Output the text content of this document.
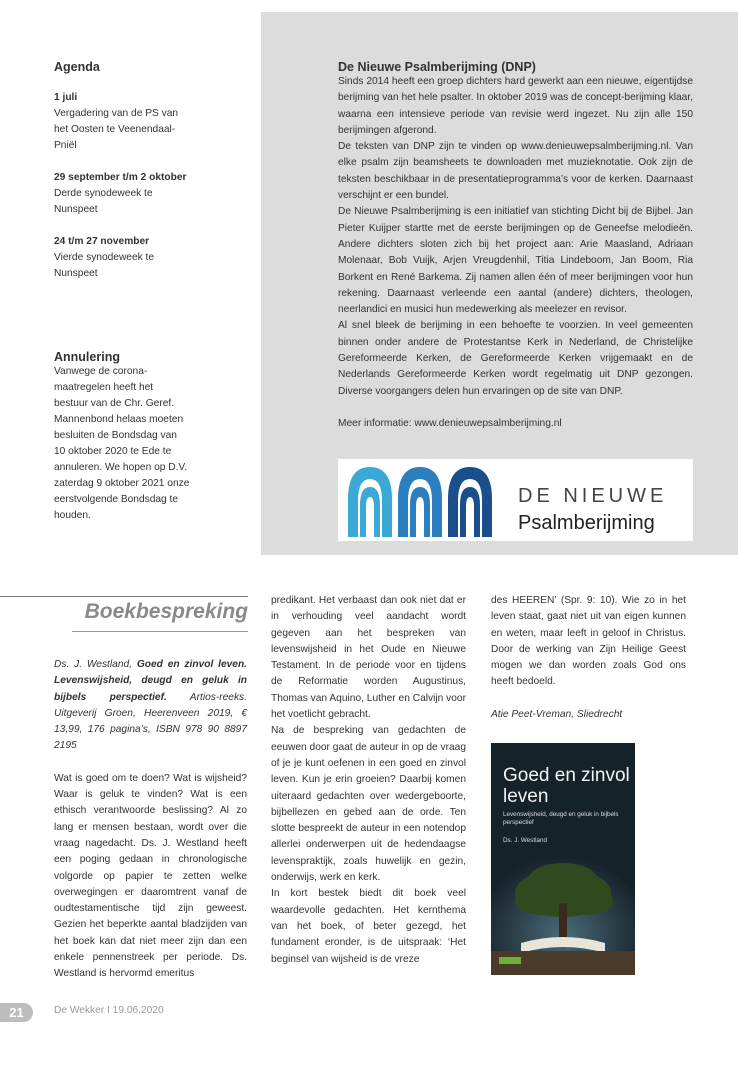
Agenda

1 juli

Vergadering van de PS van

het Oosten te Veenendaal-

Pniël

29 september t/m 2 oktober

Derde synodeweek te

Nunspeet

24 t/m 27 november

Vierde synodeweek te

Nunspeet

Annulering

Vanwege de corona-

maatregelen heeft het

bestuur van de Chr. Geref.

Mannenbond helaas moeten

besluiten de Bondsdag van

10 oktober 2020 te Ede te

annuleren. We hopen op D.V.

zaterdag 9 oktober 2021 onze

eerstvolgende Bondsdag te

houden.

De Nieuwe Psalmberijming (DNP)

Sinds 2014 heeft een groep dichters hard gewerkt aan een nieuwe, eigentijdse berijming van het hele psalter. In oktober 2019 was de concept-berijming klaar, waarna een intensieve periode van revisie werd ingezet. Nu zijn alle 150 berijmingen afgerond.

De teksten van DNP zijn te vinden op www.denieuwepsalmberijming.nl. Van elke psalm zijn beamsheets te downloaden met muzieknotatie. Ook zijn de teksten beschikbaar in de presentatieprogramma’s voor de kerken. Daarnaast verschijnt er een bundel.

De Nieuwe Psalmberijming is een initiatief van stichting Dicht bij de Bijbel. Jan Pieter Kuijper startte met de eerste berijmingen op de Geneefse melodieën. Andere dichters sloten zich bij het project aan: Arie Maasland, Adriaan Molenaar, Bob Vuijk, Arjen Vreugdenhil, Titia Lindeboom, Jan Boom, Ria Borkent en René Barkema. Zij namen allen één of meer berijmingen voor hun rekening. Daarnaast verleende een aantal (andere) dichters, theologen, neerlandici en musici hun medewerking als meelezer en revisor.

Al snel bleek de berijming in een behoefte te voorzien. In veel gemeenten binnen onder andere de Protestantse Kerk in Nederland, de Christelijke Gereformeerde Kerken, de Gereformeerde Kerken vrijgemaakt en de Nederlands Gereformeerde Kerken wordt regelmatig uit DNP gezongen. Diverse voorgangers delen hun ervaringen op de site van DNP.

Meer informatie: www.denieuwepsalmberijming.nl

DE NIEUWE
Psalmberijming
Boekbespreking

Ds. J. Westland, Goed en zinvol leven. Levenswijsheid, deugd en geluk in bijbels perspectief. Artios-reeks. Uitgeverij Groen, Heerenveen 2019, € 13,99, 176 pagina’s, ISBN 978 90 8897 2195

Wat is goed om te doen? Wat is wijsheid? Waar is geluk te vinden? Wat is een ethisch verantwoorde beslissing? Al zo lang er mensen bestaan, wordt over die vraag nagedacht. Ds. J. Westland heeft een poging gedaan in chronologische volgorde op papier te zetten welke overwegingen er daaromtrent vanaf de oudtestamentische tijd zijn geweest. Gezien het beperkte aantal bladzijden van het boek kan dat niet meer zijn dan een enkele pennenstreek per periode. Ds. Westland is hervormd emeritus

predikant. Het verbaast dan ook niet dat er in verhouding veel aandacht wordt gegeven aan het bespreken van levenswijsheid in het Oude en Nieuwe Testament. In de periode voor en tijdens de Reformatie worden Augustinus, Thomas van Aquino, Luther en Calvijn voor het voetlicht gebracht.

Na de bespreking van gedachten de eeuwen door gaat de auteur in op de vraag of je je kunt oefenen in een goed en zinvol leven. Kun je erin groeien? Daarbij komen uiteraard gedachten over wedergeboorte, bijbellezen en gebed aan de orde. Ten slotte bespreekt de auteur in een notendop allerlei onderwerpen uit de hedendaagse levenspraktijk, zoals huwelijk en gezin, onderwijs, werk en kerk.

In kort bestek biedt dit boek veel waardevolle gedachten. Het kernthema van het boek, of beter gezegd, het fundament eronder, is de uitspraak: ‘Het beginsel van wijsheid is de vreze

des HEEREN’ (Spr. 9: 10). Wie zo in het leven staat, gaat niet uit van eigen kunnen en weten, maar leeft in geloof in Christus. Door de werking van Zijn Heilige Geest mogen we dan worden zoals God ons heeft bedoeld.

Atie Peet-Vreman, Sliedrecht

Goed en zinvol leven
Levenswijsheid, deugd en geluk in bijbels perspectief
Ds. J. Westland
21	De Wekker I 19.06.2020
